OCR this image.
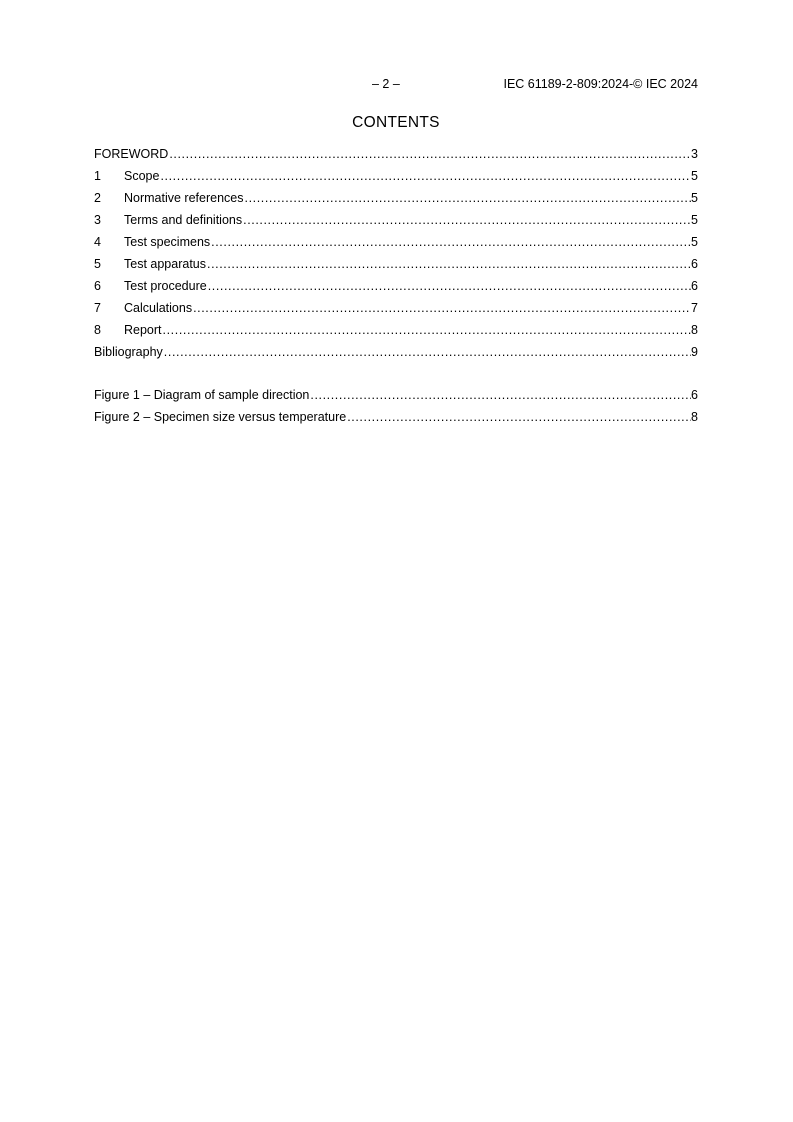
– 2 –	IEC 61189-2-809:2024-© IEC 2024
CONTENTS
FOREWORD .....	3
1	Scope .....	5
2	Normative references .....	5
3	Terms and definitions .....	5
4	Test specimens .....	5
5	Test apparatus .....	6
6	Test procedure .....	6
7	Calculations .....	7
8	Report .....	8
Bibliography .....	9
Figure 1 – Diagram of sample direction .....	6
Figure 2 – Specimen size versus temperature .....	8
